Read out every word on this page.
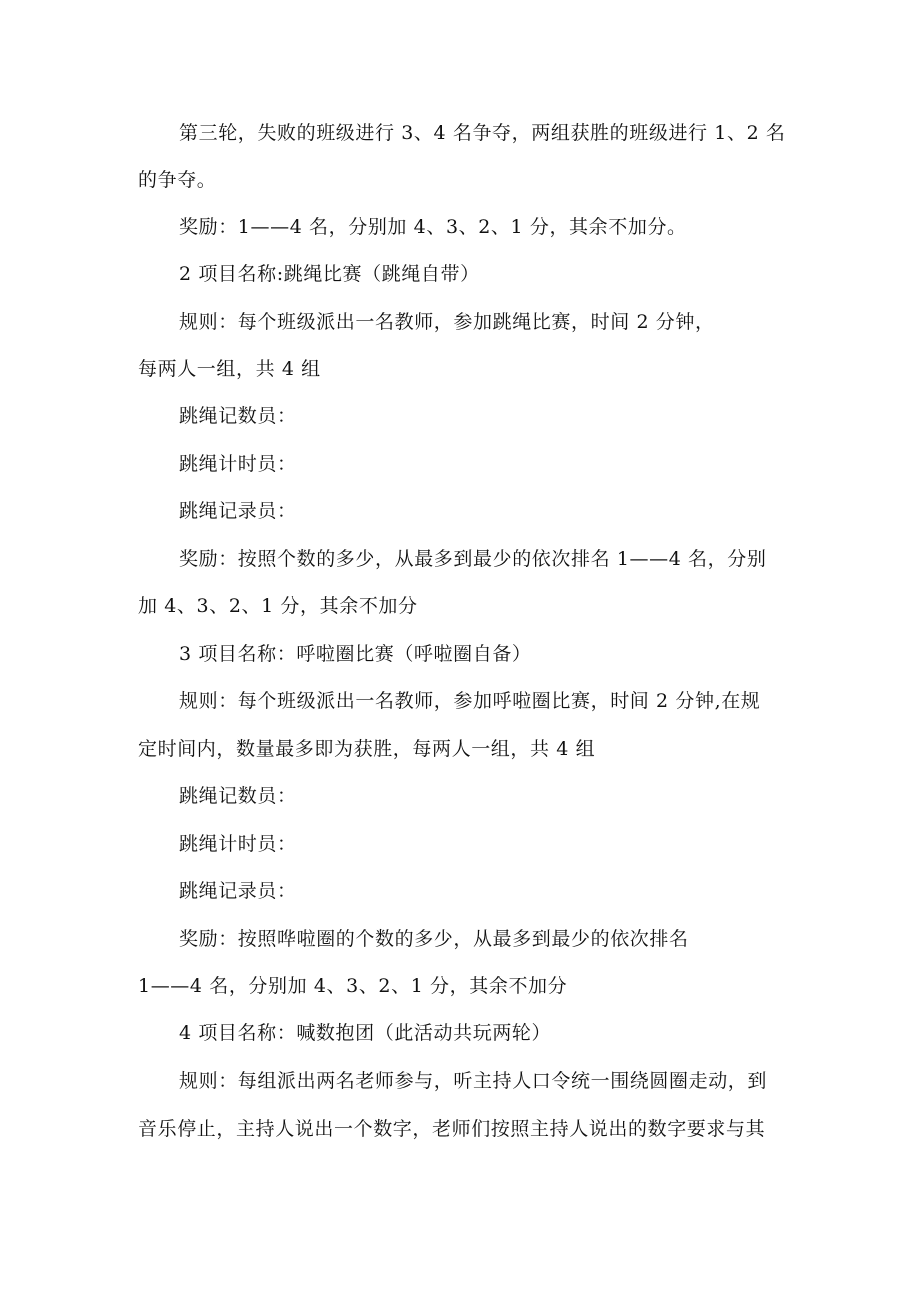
第三轮，失败的班级进行 3、4 名争夺，两组获胜的班级进行 1、2 名
的争夺。
奖励：1——4 名，分别加 4、3、2、1 分，其余不加分。
2 项目名称:跳绳比赛（跳绳自带）
规则：每个班级派出一名教师，参加跳绳比赛，时间 2 分钟，
每两人一组，共 4 组
跳绳记数员：
跳绳计时员：
跳绳记录员：
奖励：按照个数的多少，从最多到最少的依次排名 1——4 名，分别
加 4、3、2、1 分，其余不加分
3 项目名称：呼啦圈比赛（呼啦圈自备）
规则：每个班级派出一名教师，参加呼啦圈比赛，时间 2 分钟,在规
定时间内，数量最多即为获胜，每两人一组，共 4 组
跳绳记数员：
跳绳计时员：
跳绳记录员：
奖励：按照哗啦圈的个数的多少，从最多到最少的依次排名
1——4 名，分别加 4、3、2、1 分，其余不加分
4 项目名称：喊数抱团（此活动共玩两轮）
规则：每组派出两名老师参与，听主持人口令统一围绕圆圈走动，到
音乐停止，主持人说出一个数字，老师们按照主持人说出的数字要求与其
